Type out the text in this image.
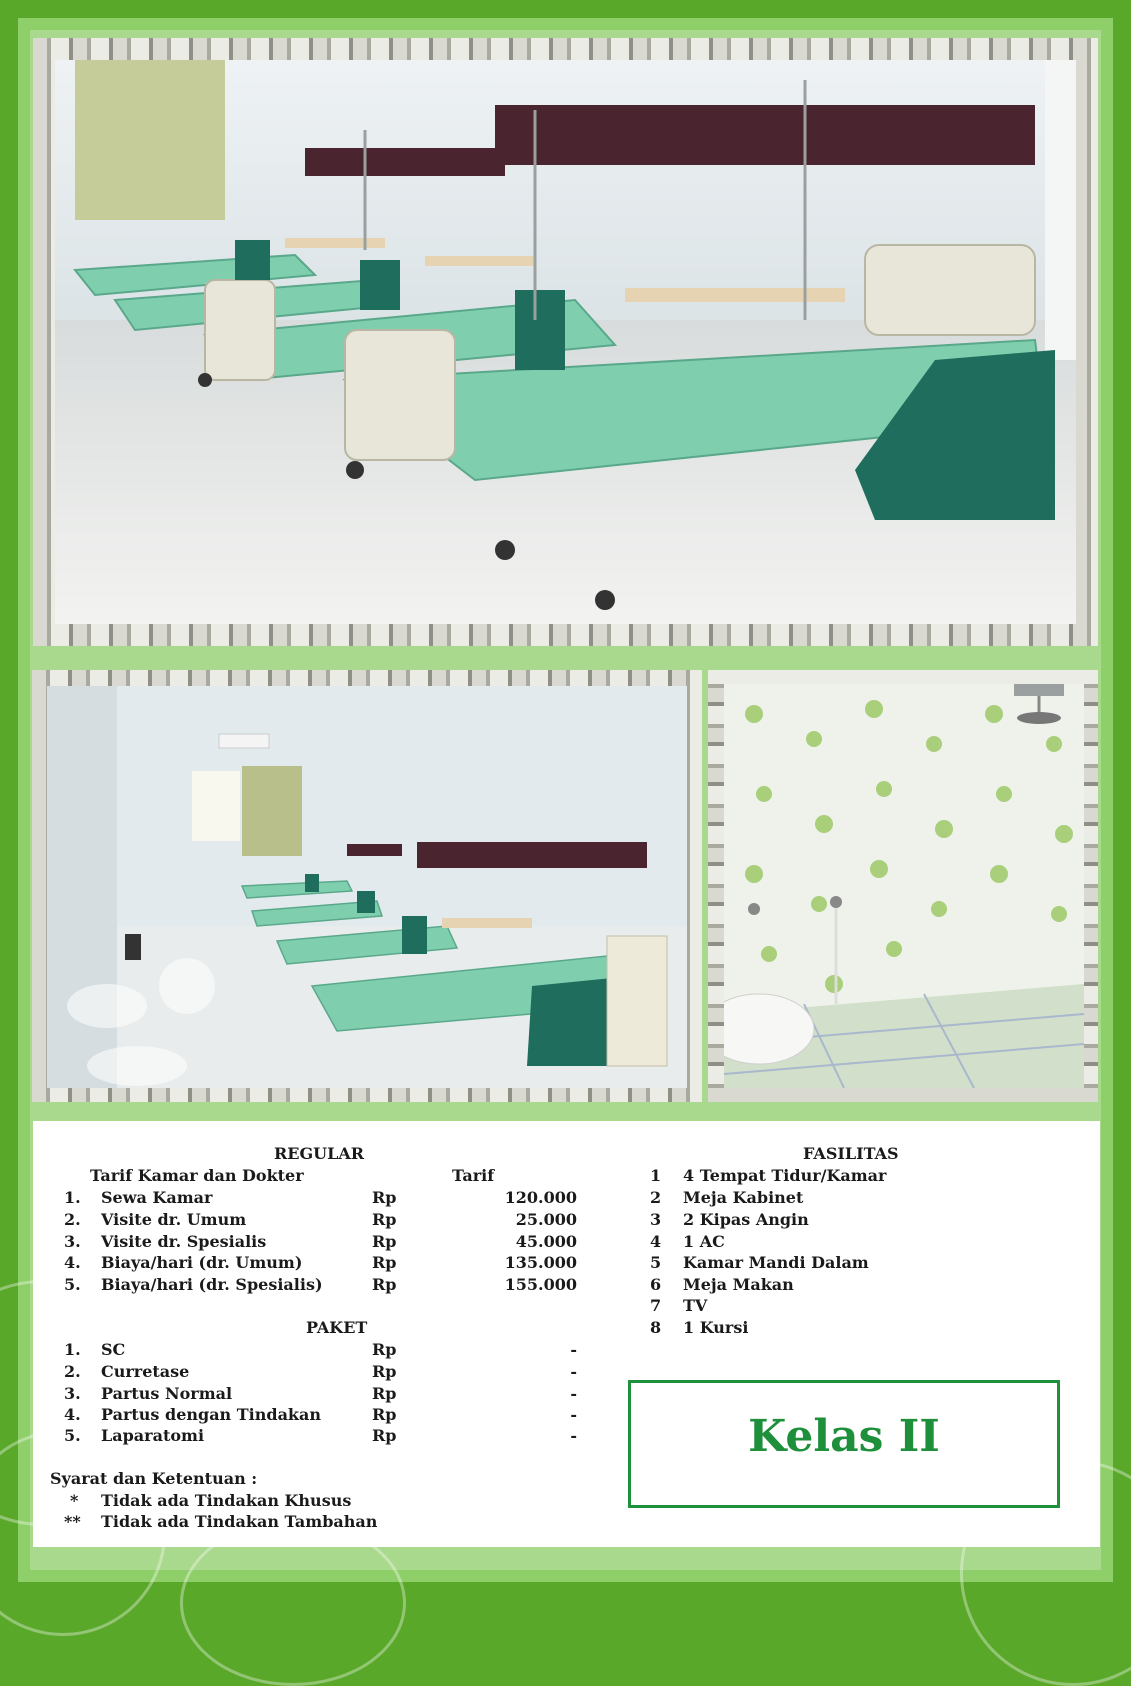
REGULAR
Tarif Kamar dan Dokter	Tarif
1. Sewa Kamar	Rp	120.000
2. Visite dr. Umum	Rp	25.000
3. Visite dr. Spesialis	Rp	45.000
4. Biaya/hari (dr. Umum)	Rp	135.000
5. Biaya/hari (dr. Spesialis)	Rp	155.000
PAKET
1. SC	Rp	-
2. Curretase	Rp	-
3. Partus Normal	Rp	-
4. Partus dengan Tindakan	Rp	-
5. Laparatomi	Rp	-
Syarat dan Ketentuan :
* Tidak ada Tindakan Khusus
** Tidak ada Tindakan Tambahan
FASILITAS
1 4 Tempat Tidur/Kamar
2 Meja Kabinet
3 2 Kipas Angin
4 1 AC
5 Kamar Mandi Dalam
6 Meja Makan
7 TV
8 1 Kursi
Kelas II
